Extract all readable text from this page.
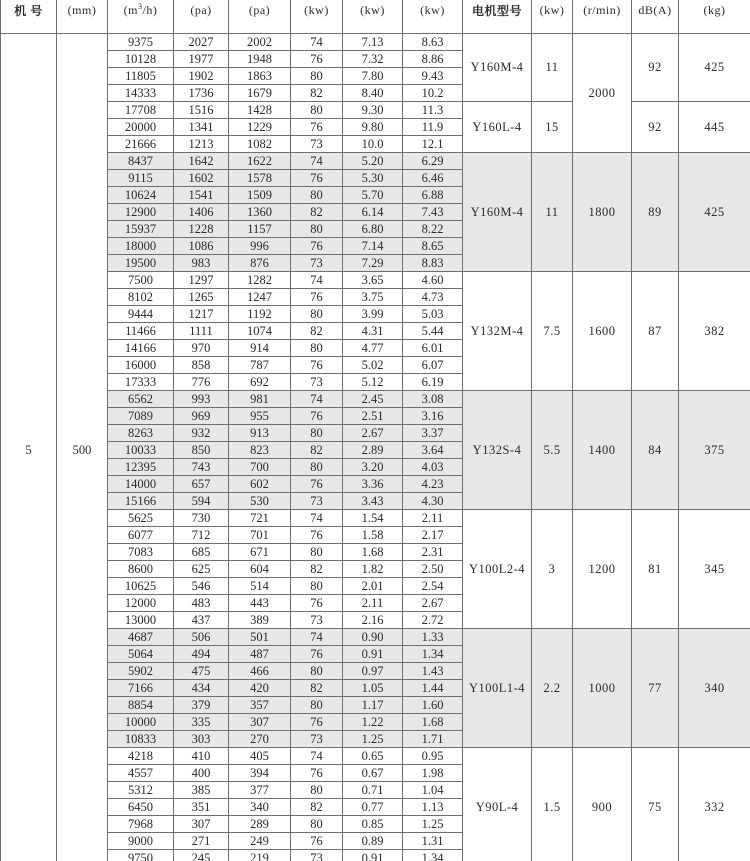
机 号	(mm)	$(m^3/h)$	(pa)	(pa)	(kw)	(kw)	(kw)	电机型号	(kw)	(r/min)	dB(A)	(kg)
5	500	9375	2027	2002	74	7.13	8.63	Y160M-4	11	2000	92	425
		10128	1977	1948	76	7.32	8.86					
		11805	1902	1863	80	7.80	9.43					
		14333	1736	1679	82	8.40	10.2					
		17708	1516	1428	80	9.30	11.3	Y160L-4	15		92	445
		20000	1341	1229	76	9.80	11.9					
		21666	1213	1082	73	10.0	12.1					
		8437	1642	1622	74	5.20	6.29	Y160M-4	11	1800	89	425
		9115	1602	1578	76	5.30	6.46					
		10624	1541	1509	80	5.70	6.88					
		12900	1406	1360	82	6.14	7.43					
		15937	1228	1157	80	6.80	8.22					
		18000	1086	996	76	7.14	8.65					
		19500	983	876	73	7.29	8.83					
		7500	1297	1282	74	3.65	4.60	Y132M-4	7.5	1600	87	382
		8102	1265	1247	76	3.75	4.73					
		9444	1217	1192	80	3.99	5.03					
		11466	1111	1074	82	4.31	5.44					
		14166	970	914	80	4.77	6.01					
		16000	858	787	76	5.02	6.07					
		17333	776	692	73	5.12	6.19					
		6562	993	981	74	2.45	3.08	Y132S-4	5.5	1400	84	375
		7089	969	955	76	2.51	3.16					
		8263	932	913	80	2.67	3.37					
		10033	850	823	82	2.89	3.64					
		12395	743	700	80	3.20	4.03					
		14000	657	602	76	3.36	4.23					
		15166	594	530	73	3.43	4.30					
		5625	730	721	74	1.54	2.11	Y100L2-4	3	1200	81	345
		6077	712	701	76	1.58	2.17					
		7083	685	671	80	1.68	2.31					
		8600	625	604	82	1.82	2.50					
		10625	546	514	80	2.01	2.54					
		12000	483	443	76	2.11	2.67					
		13000	437	389	73	2.16	2.72					
		4687	506	501	74	0.90	1.33	Y100L1-4	2.2	1000	77	340
		5064	494	487	76	0.91	1.34					
		5902	475	466	80	0.97	1.43					
		7166	434	420	82	1.05	1.44					
		8854	379	357	80	1.17	1.60					
		10000	335	307	76	1.22	1.68					
		10833	303	270	73	1.25	1.71					
		4218	410	405	74	0.65	0.95	Y90L-4	1.5	900	75	332
		4557	400	394	76	0.67	1.98					
		5312	385	377	80	0.71	1.04					
		6450	351	340	82	0.77	1.13					
		7968	307	289	80	0.85	1.25					
		9000	271	249	76	0.89	1.31					
		9750	245	219	73	0.91	1.34					
